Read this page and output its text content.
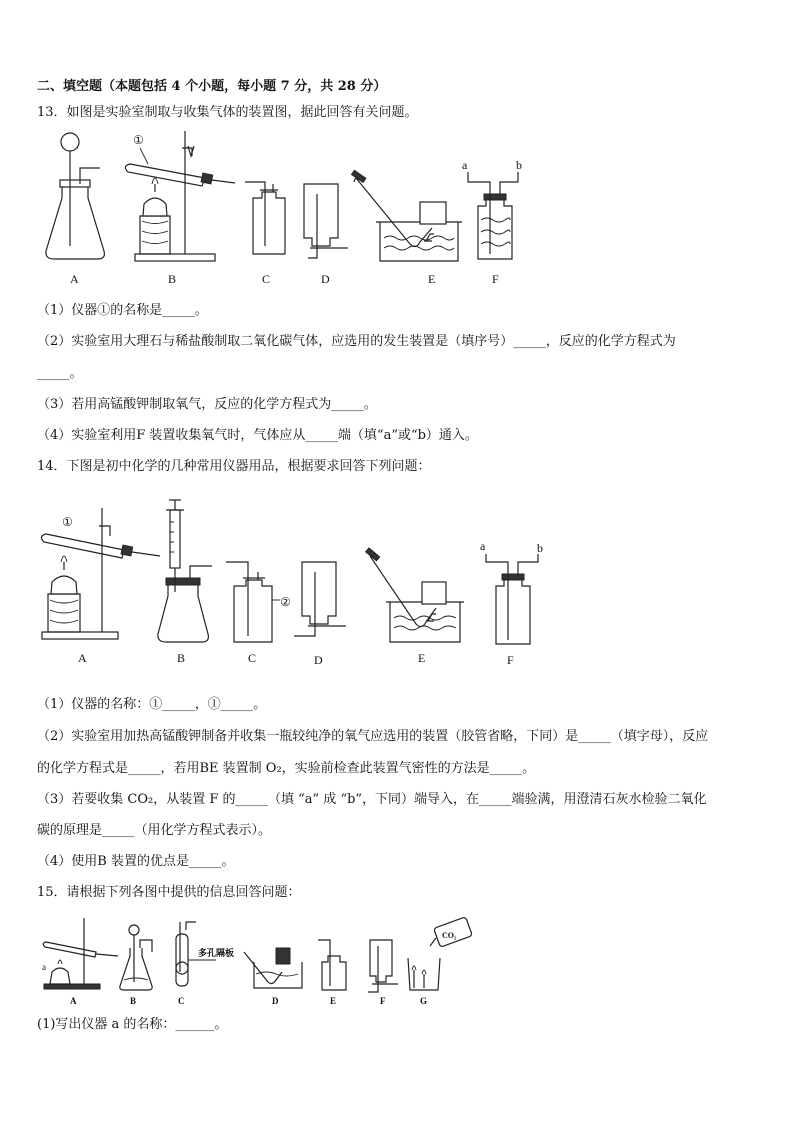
二、填空题（本题包括 4 个小题，每小题 7 分，共 28 分）
13．如图是实验室制取与收集气体的装置图，据此回答有关问题。
A
①
B	C	D	E
a	b
F
（1）仪器①的名称是_____。
（2）实验室用大理石与稀盐酸制取二氧化碳气体，应选用的发生装置是（填序号）_____，反应的化学方程式为
_____。
（3）若用高锰酸钾制取氧气，反应的化学方程式为_____。
（4）实验室利用F 装置收集氧气时，气体应从_____端（填“a”或“b）通入。
14．下图是初中化学的几种常用仪器用品，根据要求回答下列问题：
①
A	B
②
C	D	E
a	b
F
（1）仪器的名称：①_____，①_____。
（2）实验室用加热高锰酸钾制备并收集一瓶较纯净的氧气应选用的装置（胶管省略，下同）是_____（填字母），反应
的化学方程式是_____，若用BE 装置制 O₂，实验前检查此装置气密性的方法是_____。
（3）若要收集 CO₂，从装置 F 的_____（填 “a” 成 “b”，下同）端导入，在_____端验满，用澄清石灰水检验二氧化
碳的原理是_____（用化学方程式表示）。
（4）使用B 装置的优点是_____。
15．请根据下列各图中提供的信息回答问题：
a
A	B
多孔隔板
C	D	E	F
CO₂
G
(1)写出仪器 a 的名称：______。
